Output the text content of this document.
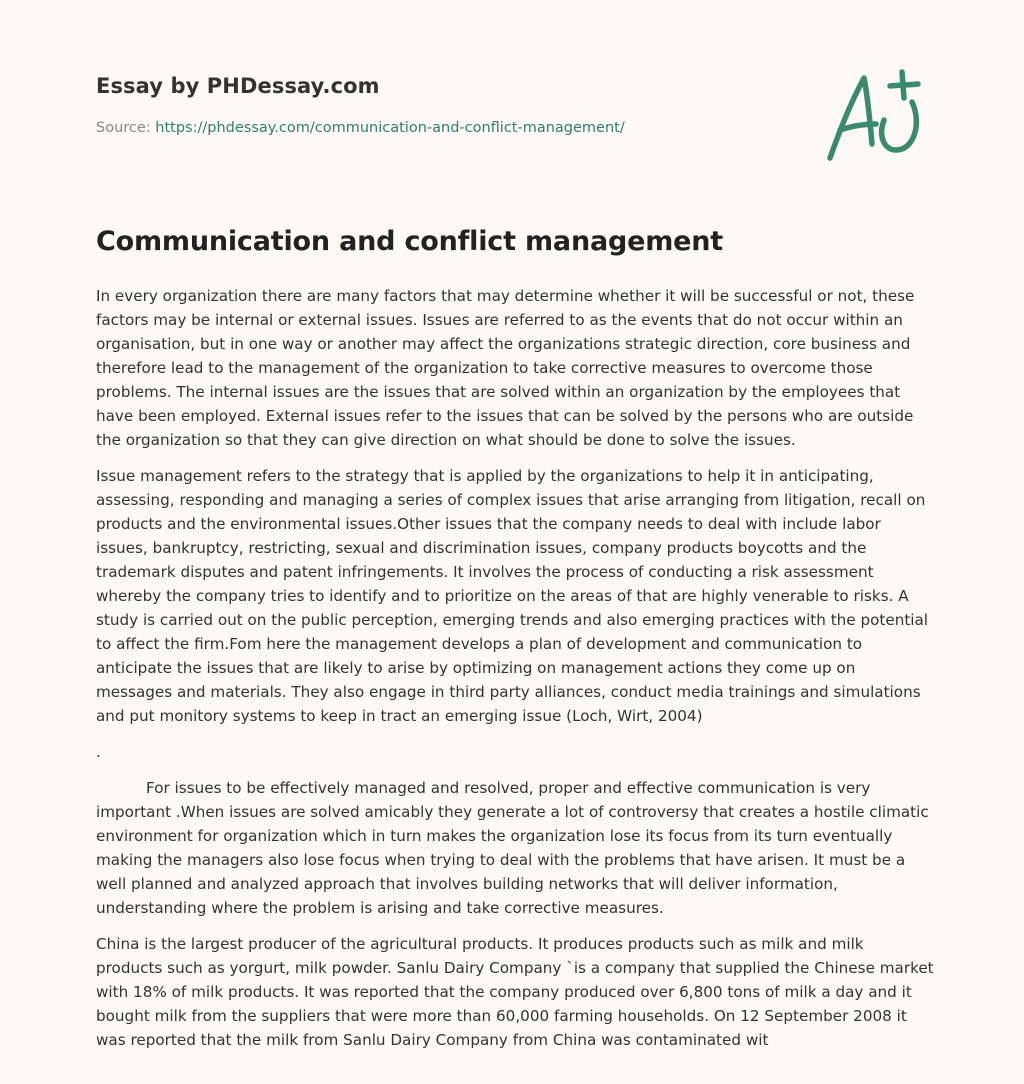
Essay by PHDessay.com
Source: https://phdessay.com/communication-and-conflict-management/
Communication and conflict management

In every organization there are many factors that may determine whether it will be successful or not, these factors may be internal or external issues. Issues are referred to as the events that do not occur within an organisation, but in one way or another may affect the organizations strategic direction, core business and therefore lead to the management of the organization to take corrective measures to overcome those problems. The internal issues are the issues that are solved within an organization by the employees that have been employed. External issues refer to the issues that can be solved by the persons who are outside the organization so that they can give direction on what should be done to solve the issues.

Issue management refers to the strategy that is applied by the organizations to help it in anticipating, assessing, responding and managing a series of complex issues that arise arranging from litigation, recall on products and the environmental issues.Other issues that the company needs to deal with include labor issues, bankruptcy, restricting, sexual and discrimination issues, company products boycotts and the trademark disputes and patent infringements. It involves the process of conducting a risk assessment whereby the company tries to identify and to prioritize on the areas of that are highly venerable to risks. A study is carried out on the public perception, emerging trends and also emerging practices with the potential to affect the firm.Fom here the management develops a plan of development and communication to anticipate the issues that are likely to arise by optimizing on management actions they come up on messages and materials. They also engage in third party alliances, conduct media trainings and simulations and put monitory systems to keep in tract an emerging issue (Loch, Wirt, 2004)

.

For issues to be effectively managed and resolved, proper and effective communication is very important .When issues are solved amicably they generate a lot of controversy that creates a hostile climatic environment for organization which in turn makes the organization lose its focus from its turn eventually making the managers also lose focus when trying to deal with the problems that have arisen. It must be a well planned and analyzed approach that involves building networks that will deliver information, understanding where the problem is arising and take corrective measures.

China is the largest producer of the agricultural products. It produces products such as milk and milk products such as yorgurt, milk powder. Sanlu Dairy Company `is a company that supplied the Chinese market with 18% of milk products. It was reported that the company produced over 6,800 tons of milk a day and it bought milk from the suppliers that were more than 60,000 farming households. On 12 September 2008 it was reported that the milk from Sanlu Dairy Company from China was contaminated wit
